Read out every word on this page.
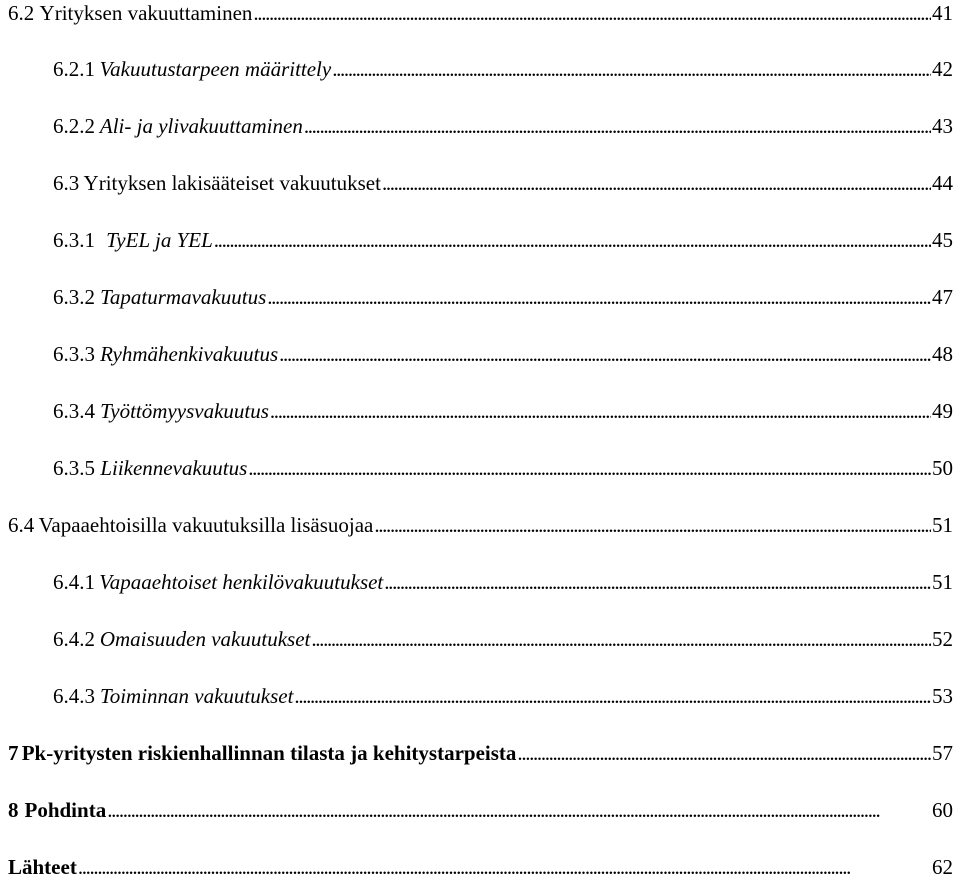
6.2 Yrityksen vakuuttaminen . . .	41
6.2.1 Vakuutustarpeen määrittely . . .	42
6.2.2 Ali- ja ylivakuuttaminen . . .	43
6.3 Yrityksen lakisääteiset vakuutukset . . .	44
6.3.1 TyEL ja YEL . . .	45
6.3.2 Tapaturmavakuutus . . .	47
6.3.3 Ryhmähenkivakuutus . . .	48
6.3.4 Työttömyysvakuutus . . .	49
6.3.5 Liikennevakuutus . . .	50
6.4 Vapaaehtoisilla vakuutuksilla lisäsuojaa . . .	51
6.4.1 Vapaaehtoiset henkilövakuutukset . . .	51
6.4.2 Omaisuuden vakuutukset . . .	52
6.4.3 Toiminnan vakuutukset . . .	53
7 Pk-yritysten riskienhallinnan tilasta ja kehitystarpeista . . .	57
8 Pohdinta . . .	60
Lähteet . . .	62
